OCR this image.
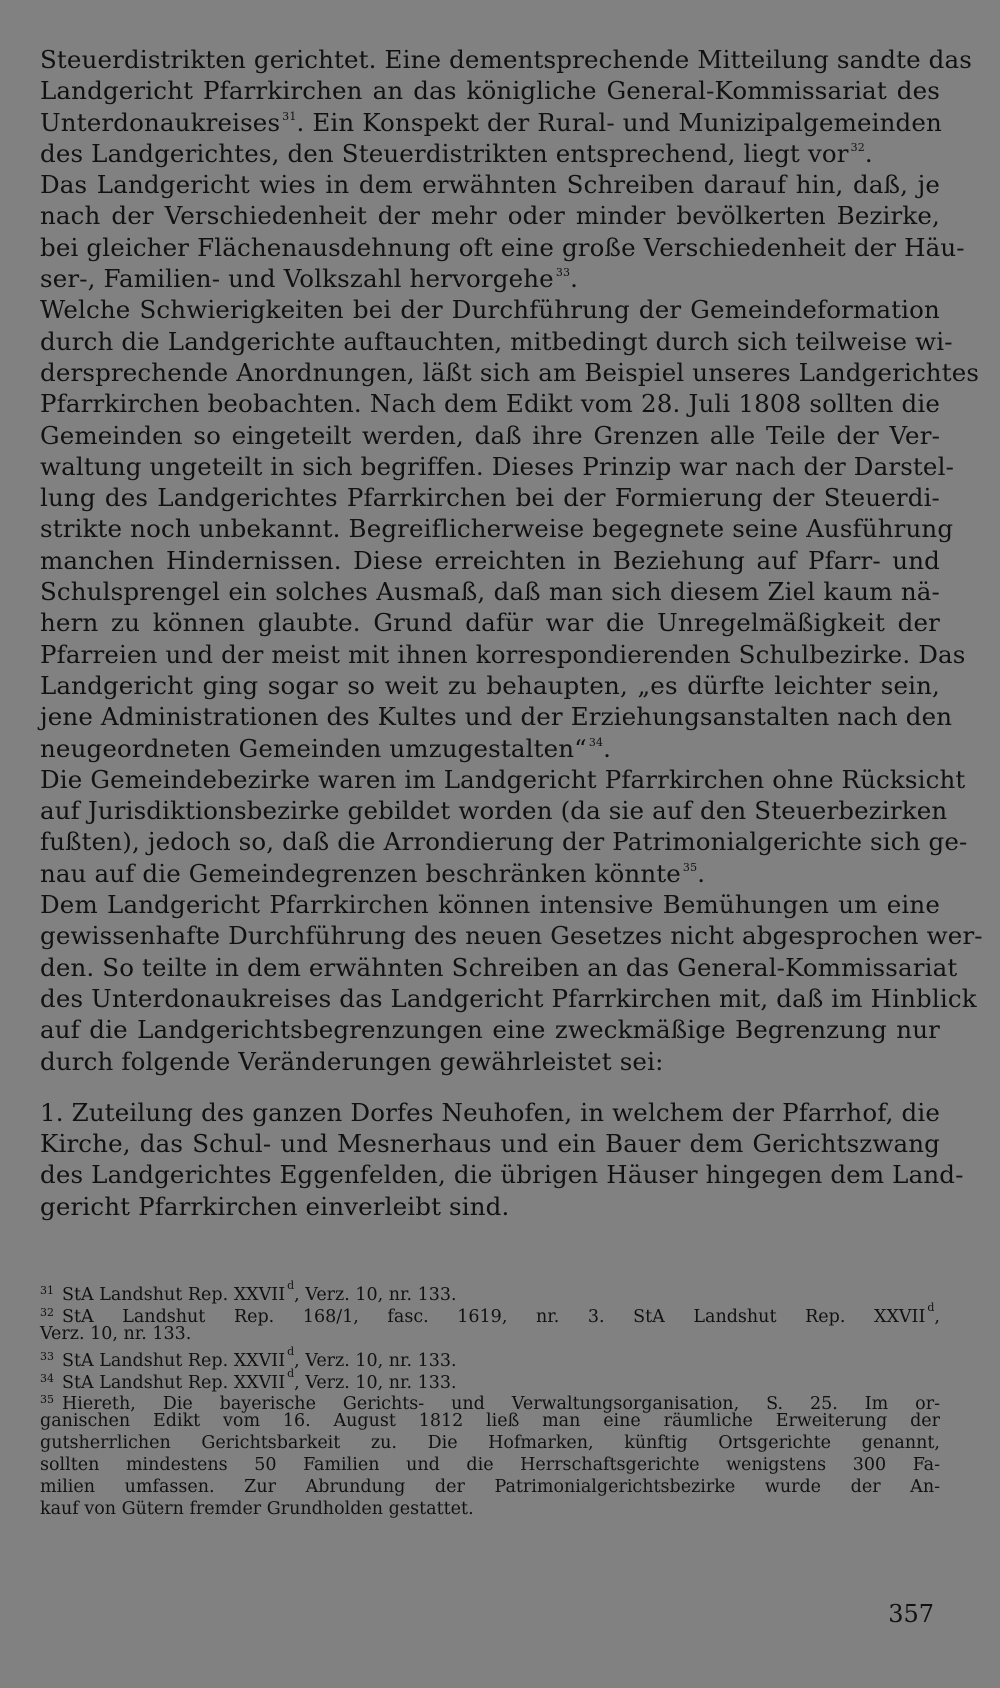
Steuerdistrikten gerichtet. Eine dementsprechende Mitteilung sandte das
Landgericht Pfarrkirchen an das königliche General-Kommissariat des
Unterdonaukreises $^{31}$. Ein Konspekt der Rural- und Munizipalgemeinden
des Landgerichtes, den Steuerdistrikten entsprechend, liegt vor $^{32}$.
Das Landgericht wies in dem erwähnten Schreiben darauf hin, daß, je
nach der Verschiedenheit der mehr oder minder bevölkerten Bezirke,
bei gleicher Flächenausdehnung oft eine große Verschiedenheit der Häu-
ser-, Familien- und Volkszahl hervorgehe $^{33}$.
Welche Schwierigkeiten bei der Durchführung der Gemeindeformation
durch die Landgerichte auftauchten, mitbedingt durch sich teilweise wi-
dersprechende Anordnungen, läßt sich am Beispiel unseres Landgerichtes
Pfarrkirchen beobachten. Nach dem Edikt vom 28. Juli 1808 sollten die
Gemeinden so eingeteilt werden, daß ihre Grenzen alle Teile der Ver-
waltung ungeteilt in sich begriffen. Dieses Prinzip war nach der Darstel-
lung des Landgerichtes Pfarrkirchen bei der Formierung der Steuerdi-
strikte noch unbekannt. Begreiflicherweise begegnete seine Ausführung
manchen Hindernissen. Diese erreichten in Beziehung auf Pfarr- und
Schulsprengel ein solches Ausmaß, daß man sich diesem Ziel kaum nä-
hern zu können glaubte. Grund dafür war die Unregelmäßigkeit der
Pfarreien und der meist mit ihnen korrespondierenden Schulbezirke. Das
Landgericht ging sogar so weit zu behaupten, „es dürfte leichter sein,
jene Administrationen des Kultes und der Erziehungsanstalten nach den
neugeordneten Gemeinden umzugestalten“ $^{34}$.
Die Gemeindebezirke waren im Landgericht Pfarrkirchen ohne Rücksicht
auf Jurisdiktionsbezirke gebildet worden (da sie auf den Steuerbezirken
fußten), jedoch so, daß die Arrondierung der Patrimonialgerichte sich ge-
nau auf die Gemeindegrenzen beschränken könnte $^{35}$.
Dem Landgericht Pfarrkirchen können intensive Bemühungen um eine
gewissenhafte Durchführung des neuen Gesetzes nicht abgesprochen wer-
den. So teilte in dem erwähnten Schreiben an das General-Kommissariat
des Unterdonaukreises das Landgericht Pfarrkirchen mit, daß im Hinblick
auf die Landgerichtsbegrenzungen eine zweckmäßige Begrenzung nur
durch folgende Veränderungen gewährleistet sei:
1. Zuteilung des ganzen Dorfes Neuhofen, in welchem der Pfarrhof, die
Kirche, das Schul- und Mesnerhaus und ein Bauer dem Gerichtszwang
des Landgerichtes Eggenfelden, die übrigen Häuser hingegen dem Land-
gericht Pfarrkirchen einverleibt sind.
$^{31}$ StA Landshut Rep. XXVII $^d$, Verz. 10, nr. 133.
$^{32}$ StA Landshut Rep. 168/1, fasc. 1619, nr. 3. StA Landshut Rep. XXVII $^d$,
Verz. 10, nr. 133.
$^{33}$ StA Landshut Rep. XXVII $^d$, Verz. 10, nr. 133.
$^{34}$ StA Landshut Rep. XXVII $^d$, Verz. 10, nr. 133.
$^{35}$ Hiereth, Die bayerische Gerichts- und Verwaltungsorganisation, S. 25. Im or-
ganischen Edikt vom 16. August 1812 ließ man eine räumliche Erweiterung der
gutsherrlichen Gerichtsbarkeit zu. Die Hofmarken, künftig Ortsgerichte genannt,
sollten mindestens 50 Familien und die Herrschaftsgerichte wenigstens 300 Fa-
milien umfassen. Zur Abrundung der Patrimonialgerichtsbezirke wurde der An-
kauf von Gütern fremder Grundholden gestattet.
357
